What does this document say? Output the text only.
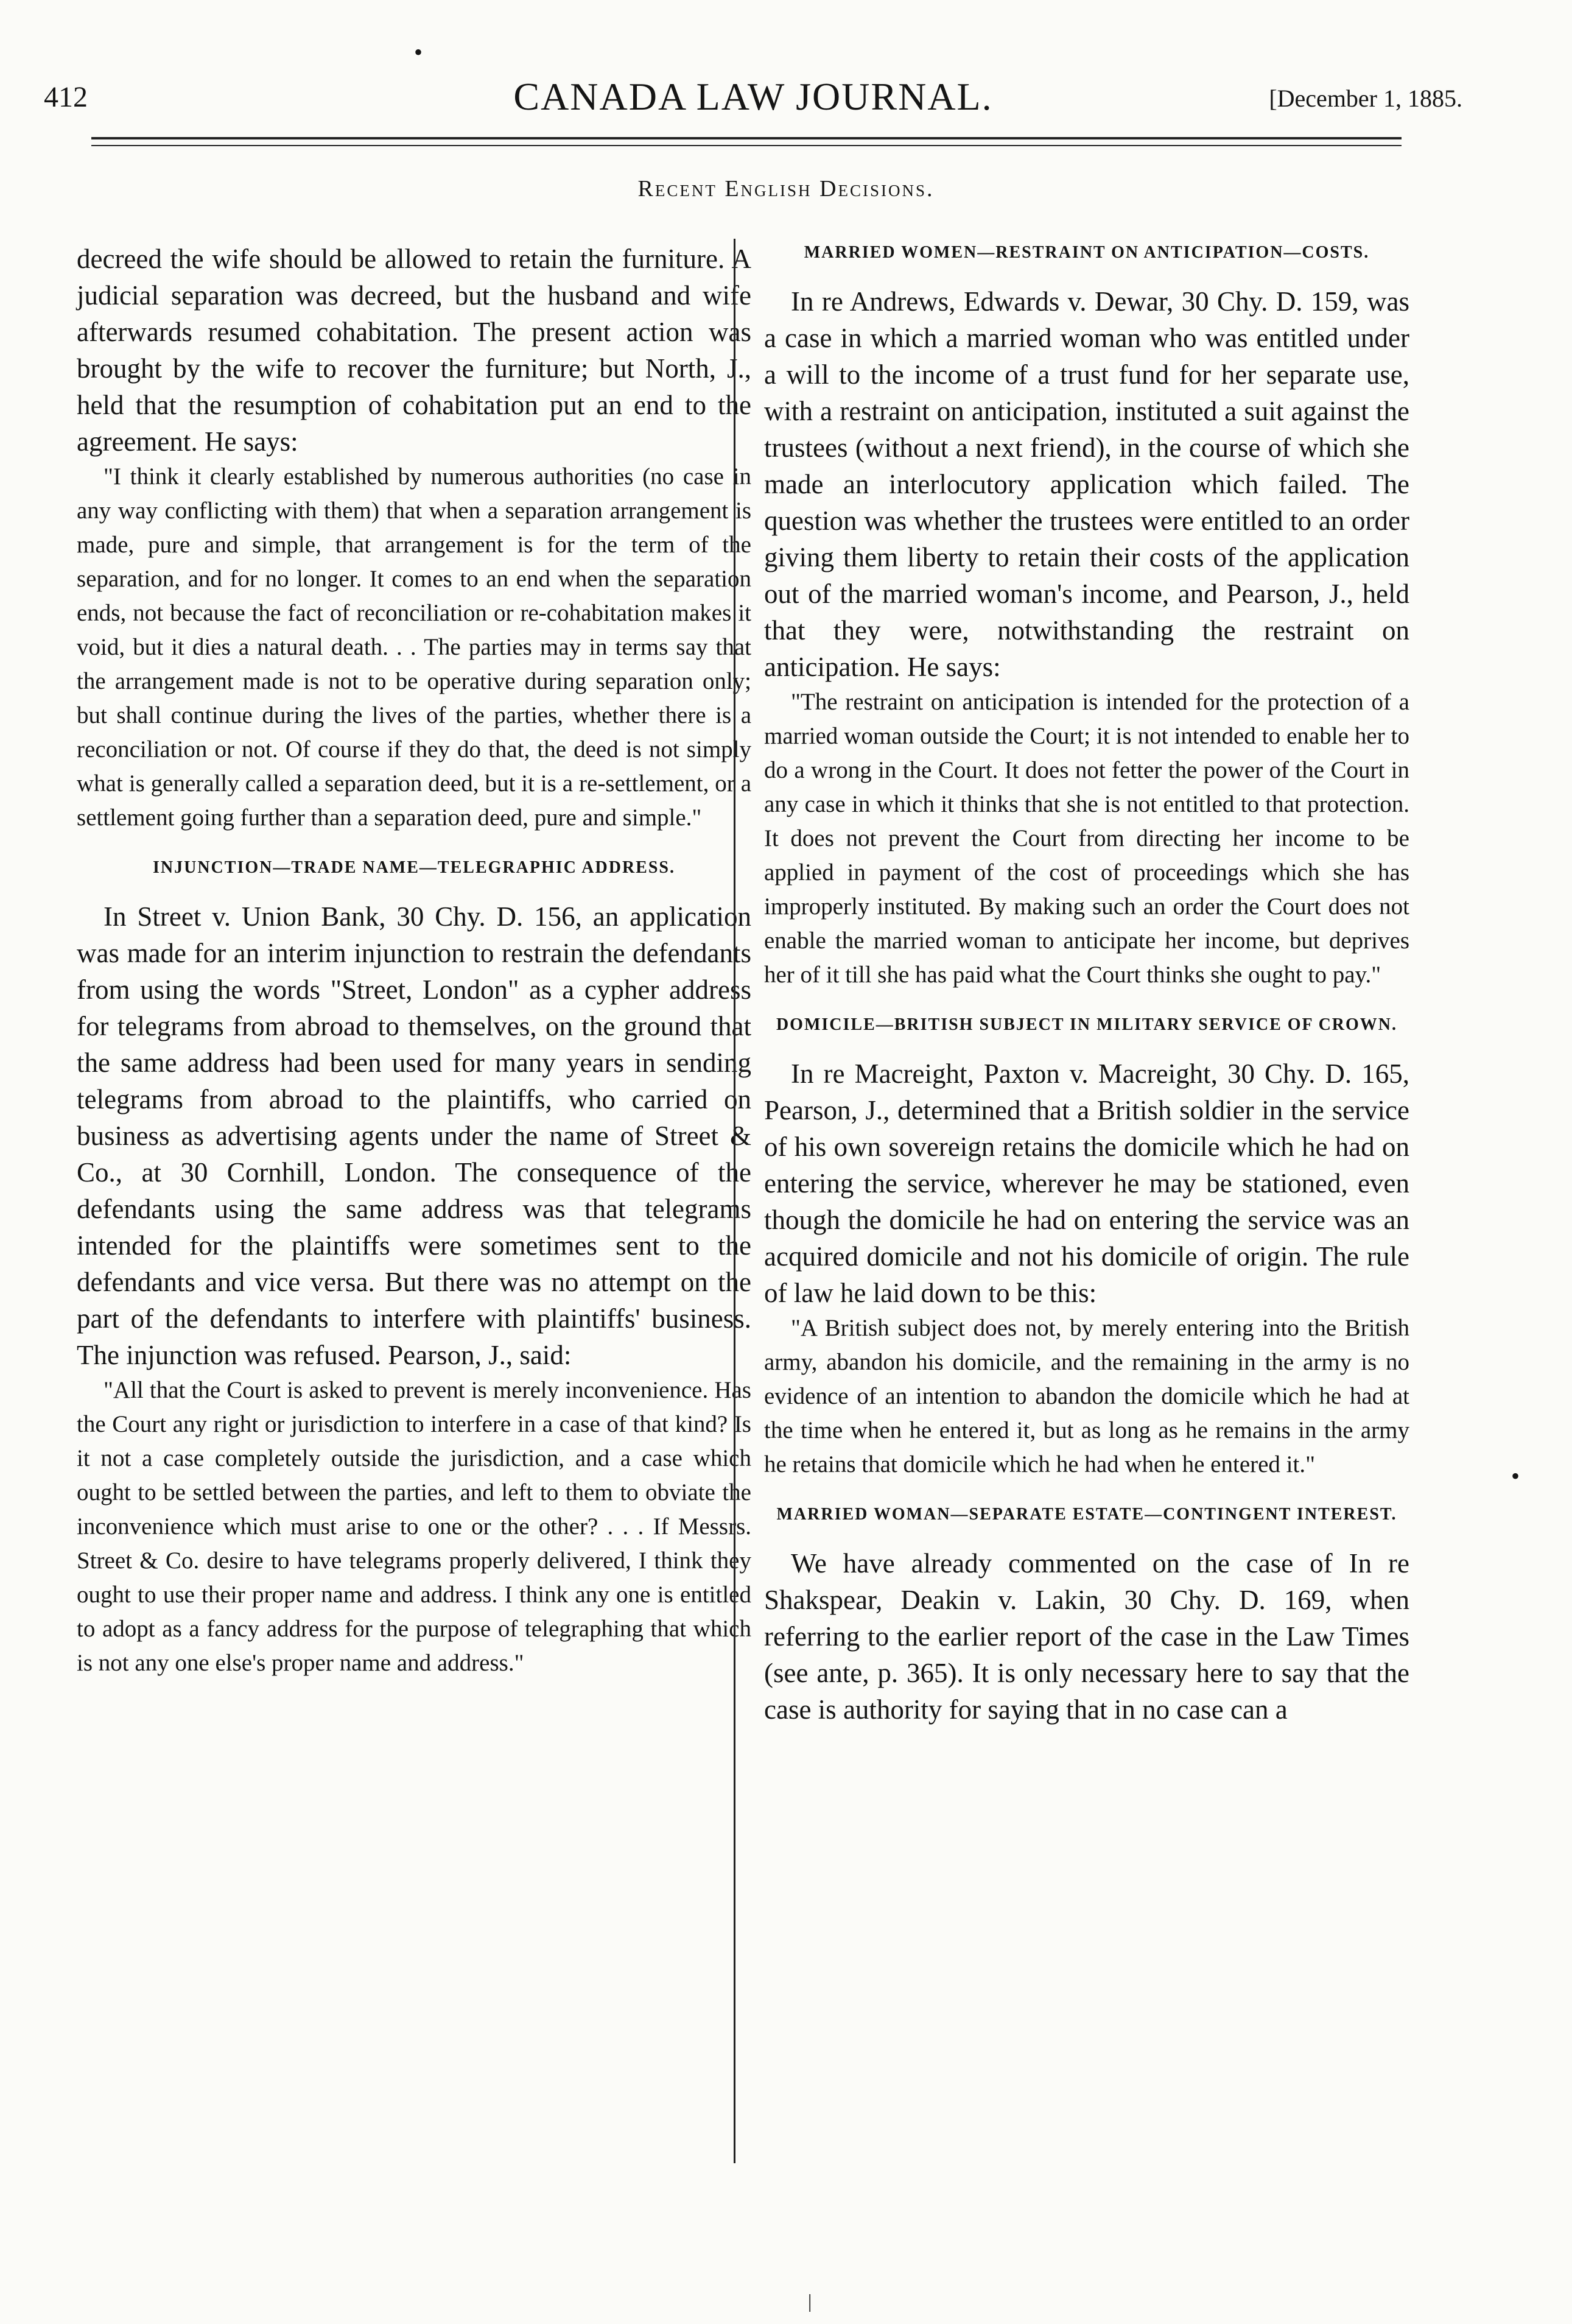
412	CANADA LAW JOURNAL.	[December 1, 1885.
Recent English Decisions.

decreed the wife should be allowed to retain the furniture. A judicial separation was decreed, but the husband and wife afterwards resumed cohabitation. The present action was brought by the wife to recover the furniture; but North, J., held that the resumption of cohabitation put an end to the agreement. He says:

"I think it clearly established by numerous authorities (no case in any way conflicting with them) that when a separation arrangement is made, pure and simple, that arrangement is for the term of the separation, and for no longer. It comes to an end when the separation ends, not because the fact of reconciliation or re-cohabitation makes it void, but it dies a natural death. . . The parties may in terms say that the arrangement made is not to be operative during separation only; but shall continue during the lives of the parties, whether there is a reconciliation or not. Of course if they do that, the deed is not simply what is generally called a separation deed, but it is a re-settlement, or a settlement going further than a separation deed, pure and simple."

INJUNCTION—TRADE NAME—TELEGRAPHIC ADDRESS.

In Street v. Union Bank, 30 Chy. D. 156, an application was made for an interim injunction to restrain the defendants from using the words "Street, London" as a cypher address for telegrams from abroad to themselves, on the ground that the same address had been used for many years in sending telegrams from abroad to the plaintiffs, who carried on business as advertising agents under the name of Street & Co., at 30 Cornhill, London. The consequence of the defendants using the same address was that telegrams intended for the plaintiffs were sometimes sent to the defendants and vice versa. But there was no attempt on the part of the defendants to interfere with plaintiffs' business. The injunction was refused. Pearson, J., said:

"All that the Court is asked to prevent is merely inconvenience. Has the Court any right or jurisdiction to interfere in a case of that kind? Is it not a case completely outside the jurisdiction, and a case which ought to be settled between the parties, and left to them to obviate the inconvenience which must arise to one or the other? . . . If Messrs. Street & Co. desire to have telegrams properly delivered, I think they ought to use their proper name and address. I think any one is entitled to adopt as a fancy address for the purpose of telegraphing that which is not any one else's proper name and address."

MARRIED WOMEN—RESTRAINT ON ANTICIPATION—COSTS.

In re Andrews, Edwards v. Dewar, 30 Chy. D. 159, was a case in which a married woman who was entitled under a will to the income of a trust fund for her separate use, with a restraint on anticipation, instituted a suit against the trustees (without a next friend), in the course of which she made an interlocutory application which failed. The question was whether the trustees were entitled to an order giving them liberty to retain their costs of the application out of the married woman's income, and Pearson, J., held that they were, notwithstanding the restraint on anticipation. He says:

"The restraint on anticipation is intended for the protection of a married woman outside the Court; it is not intended to enable her to do a wrong in the Court. It does not fetter the power of the Court in any case in which it thinks that she is not entitled to that protection. It does not prevent the Court from directing her income to be applied in payment of the cost of proceedings which she has improperly instituted. By making such an order the Court does not enable the married woman to anticipate her income, but deprives her of it till she has paid what the Court thinks she ought to pay."

DOMICILE—BRITISH SUBJECT IN MILITARY SERVICE OF CROWN.

In re Macreight, Paxton v. Macreight, 30 Chy. D. 165, Pearson, J., determined that a British soldier in the service of his own sovereign retains the domicile which he had on entering the service, wherever he may be stationed, even though the domicile he had on entering the service was an acquired domicile and not his domicile of origin. The rule of law he laid down to be this:

"A British subject does not, by merely entering into the British army, abandon his domicile, and the remaining in the army is no evidence of an intention to abandon the domicile which he had at the time when he entered it, but as long as he remains in the army he retains that domicile which he had when he entered it."

MARRIED WOMAN—SEPARATE ESTATE—CONTINGENT INTEREST.

We have already commented on the case of In re Shakspear, Deakin v. Lakin, 30 Chy. D. 169, when referring to the earlier report of the case in the Law Times (see ante, p. 365). It is only necessary here to say that the case is authority for saying that in no case can a

•
•
|
